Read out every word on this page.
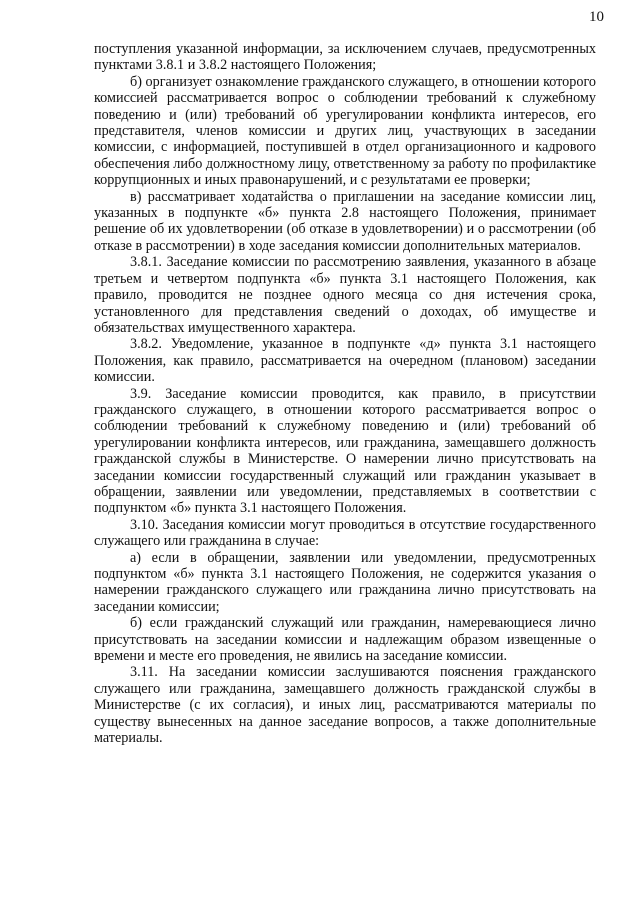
10

поступления указанной информации, за исключением случаев, предусмотренных пунктами 3.8.1 и 3.8.2 настоящего Положения;

б) организует ознакомление гражданского служащего, в отношении которого комиссией рассматривается вопрос о соблюдении требований к служебному поведению и (или) требований об урегулировании конфликта интересов, его представителя, членов комиссии и других лиц, участвующих в заседании комиссии, с информацией, поступившей в отдел организационного и кадрового обеспечения либо должностному лицу, ответственному за работу по профилактике коррупционных и иных правонарушений, и с результатами ее проверки;

в) рассматривает ходатайства о приглашении на заседание комиссии лиц, указанных в подпункте «б» пункта 2.8 настоящего Положения, принимает решение об их удовлетворении (об отказе в удовлетворении) и о рассмотрении (об отказе в рассмотрении) в ходе заседания комиссии дополнительных материалов.

3.8.1. Заседание комиссии по рассмотрению заявления, указанного в абзаце третьем и четвертом подпункта «б» пункта 3.1 настоящего Положения, как правило, проводится не позднее одного месяца со дня истечения срока, установленного для представления сведений о доходах, об имуществе и обязательствах имущественного характера.

3.8.2. Уведомление, указанное в подпункте «д» пункта 3.1 настоящего Положения, как правило, рассматривается на очередном (плановом) заседании комиссии.

3.9. Заседание комиссии проводится, как правило, в присутствии гражданского служащего, в отношении которого рассматривается вопрос о соблюдении требований к служебному поведению и (или) требований об урегулировании конфликта интересов, или гражданина, замещавшего должность гражданской службы в Министерстве. О намерении лично присутствовать на заседании комиссии государственный служащий или гражданин указывает в обращении, заявлении или уведомлении, представляемых в соответствии с подпунктом «б» пункта 3.1 настоящего Положения.

3.10. Заседания комиссии могут проводиться в отсутствие государственного служащего или гражданина в случае:

а) если в обращении, заявлении или уведомлении, предусмотренных подпунктом «б» пункта 3.1 настоящего Положения, не содержится указания о намерении гражданского служащего или гражданина лично присутствовать на заседании комиссии;

б) если гражданский служащий или гражданин, намеревающиеся лично присутствовать на заседании комиссии и надлежащим образом извещенные о времени и месте его проведения, не явились на заседание комиссии.

3.11. На заседании комиссии заслушиваются пояснения гражданского служащего или гражданина, замещавшего должность гражданской службы в Министерстве (с их согласия), и иных лиц, рассматриваются материалы по существу вынесенных на данное заседание вопросов, а также дополнительные материалы.
